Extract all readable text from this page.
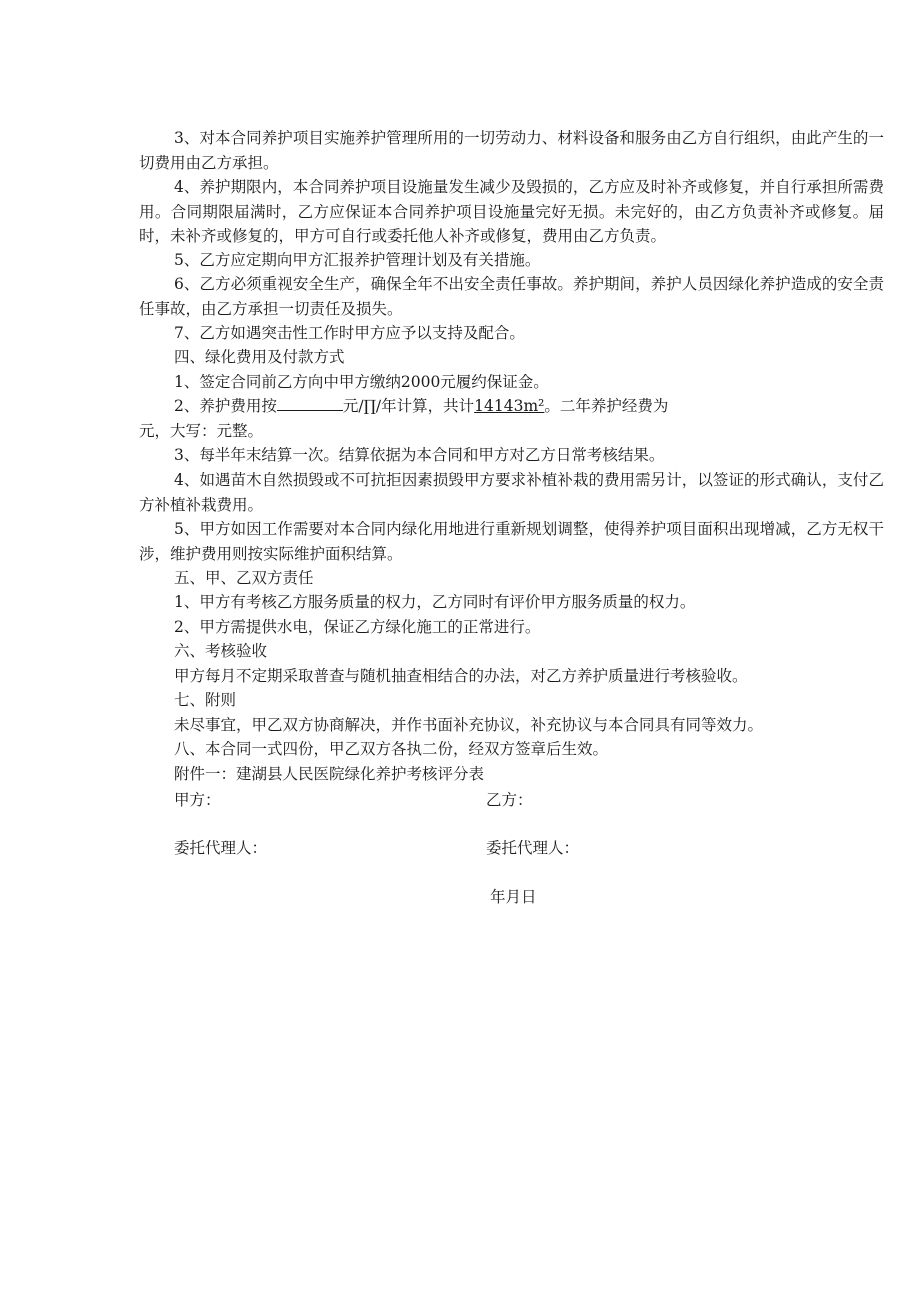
3、对本合同养护项目实施养护管理所用的一切劳动力、材料设备和服务由乙方自行组织，由此产生的一切费用由乙方承担。
4、养护期限内，本合同养护项目设施量发生减少及毁损的，乙方应及时补齐或修复，并自行承担所需费用。合同期限届满时，乙方应保证本合同养护项目设施量完好无损。未完好的，由乙方负责补齐或修复。届时，未补齐或修复的，甲方可自行或委托他人补齐或修复，费用由乙方负责。
5、乙方应定期向甲方汇报养护管理计划及有关措施。
6、乙方必须重视安全生产，确保全年不出安全责任事故。养护期间，养护人员因绿化养护造成的安全责任事故，由乙方承担一切责任及损失。
7、乙方如遇突击性工作时甲方应予以支持及配合。
四、绿化费用及付款方式
1、签定合同前乙方向中甲方缴纳2000元履约保证金。
2、养护费用按	元∕∏∕年计算，共计14143m²。二年养护经费为
元，大写：元整。
3、每半年末结算一次。结算依据为本合同和甲方对乙方日常考核结果。
4、如遇苗木自然损毁或不可抗拒因素损毁甲方要求补植补栽的费用需另计，以签证的形式确认，支付乙方补植补栽费用。
5、甲方如因工作需要对本合同内绿化用地进行重新规划调整，使得养护项目面积出现增减，乙方无权干涉，维护费用则按实际维护面积结算。
五、甲、乙双方责任
1、甲方有考核乙方服务质量的权力，乙方同时有评价甲方服务质量的权力。
2、甲方需提供水电，保证乙方绿化施工的正常进行。
六、考核验收
甲方每月不定期采取普查与随机抽查相结合的办法，对乙方养护质量进行考核验收。
七、附则
未尽事宜，甲乙双方协商解决，并作书面补充协议，补充协议与本合同具有同等效力。
八、本合同一式四份，甲乙双方各执二份，经双方签章后生效。
附件一：建湖县人民医院绿化养护考核评分表
甲方：	乙方：
委托代理人：	委托代理人：
年月日
